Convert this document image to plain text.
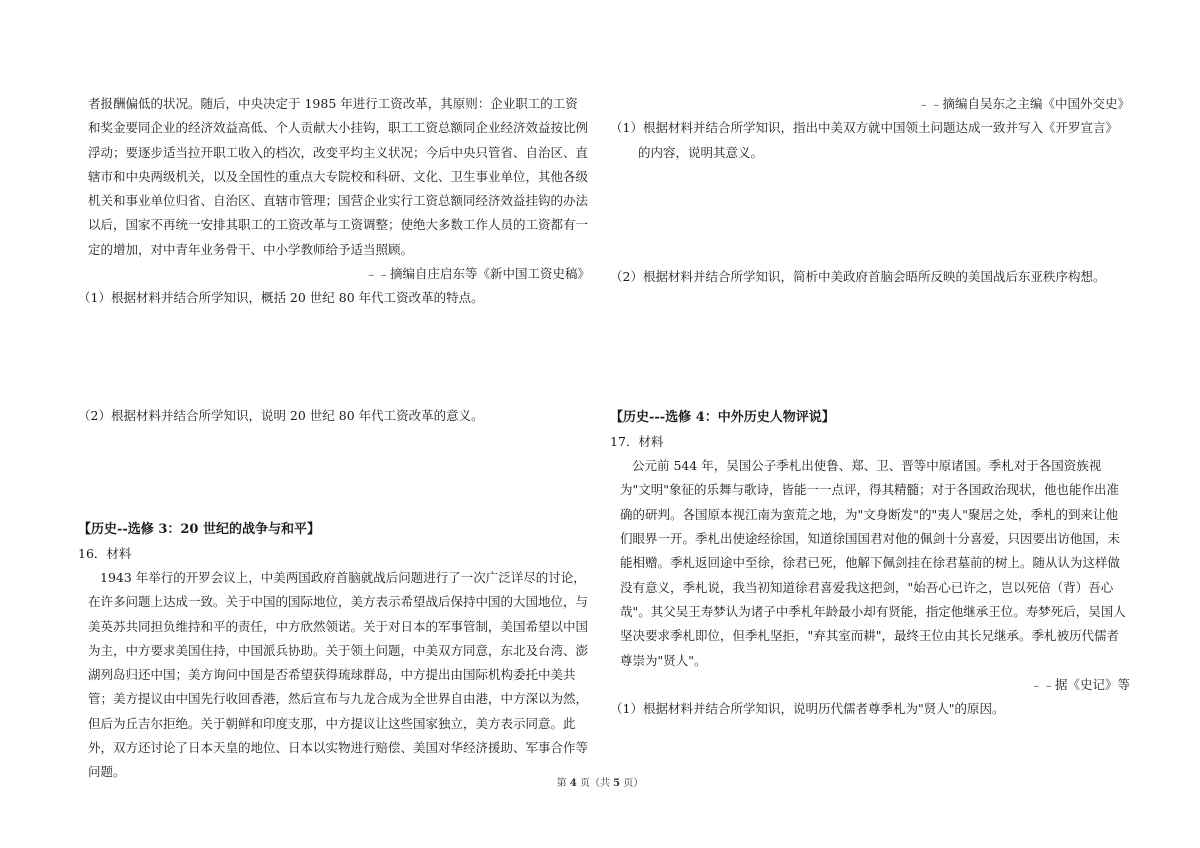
者报酬偏低的状况。随后，中央决定于 1985 年进行工资改革，其原则：企业职工的工资和奖金要同企业的经济效益高低、个人贡献大小挂钩，职工工资总额同企业经济效益按比例浮动；要逐步适当拉开职工收入的档次，改变平均主义状况；今后中央只管省、自治区、直辖市和中央两级机关，以及全国性的重点大专院校和科研、文化、卫生事业单位，其他各级机关和事业单位归省、自治区、直辖市管理；国营企业实行工资总额同经济效益挂钩的办法以后，国家不再统一安排其职工的工资改革与工资调整；使绝大多数工作人员的工资都有一定的增加，对中青年业务骨干、中小学教师给予适当照顾。

﹣﹣摘编自庄启东等《新中国工资史稿》

（1）根据材料并结合所学知识，概括 20 世纪 80 年代工资改革的特点。

（2）根据材料并结合所学知识，说明 20 世纪 80 年代工资改革的意义。

【历史--选修 3：20 世纪的战争与和平】

16．材料

1943 年举行的开罗会议上，中美两国政府首脑就战后问题进行了一次广泛详尽的讨论，在许多问题上达成一致。关于中国的国际地位，美方表示希望战后保持中国的大国地位，与美英苏共同担负维持和平的责任，中方欣然领诺。关于对日本的军事管制，美国希望以中国为主，中方要求美国住持，中国派兵协助。关于领土问题，中美双方同意，东北及台湾、澎湖列岛归还中国；美方询问中国是否希望获得琉球群岛，中方提出由国际机构委托中美共管；美方提议由中国先行收回香港，然后宣布与九龙合成为全世界自由港，中方深以为然，但后为丘吉尔拒绝。关于朝鲜和印度支那，中方提议让这些国家独立，美方表示同意。此外，双方还讨论了日本天皇的地位、日本以实物进行赔偿、美国对华经济援助、军事合作等问题。

﹣﹣摘编自吴东之主编《中国外交史》

（1）根据材料并结合所学知识，指出中美双方就中国领土问题达成一致并写入《开罗宣言》的内容，说明其意义。

（2）根据材料并结合所学知识，简析中美政府首脑会晤所反映的美国战后东亚秩序构想。

【历史---选修 4：中外历史人物评说】

17．材料

公元前 544 年，吴国公子季札出使鲁、郑、卫、晋等中原诸国。季札对于各国资族视为"文明"象征的乐舞与歌诗，皆能一一点评，得其精髓；对于各国政治现状，他也能作出准确的研判。各国原本视江南为蛮荒之地，为"文身断发"的"夷人"聚居之处，季札的到来让他们眼界一开。季札出使途经徐国，知道徐国国君对他的佩剑十分喜爱，只因要出访他国，未能相赠。季札返回途中至徐，徐君已死，他解下佩剑挂在徐君墓前的树上。随从认为这样做没有意义，季札说，我当初知道徐君喜爱我这把剑，"始吾心已许之，岂以死倍（背）吾心哉"。其父吴王寿梦认为诸子中季札年龄最小却有贤能，指定他继承王位。寿梦死后，吴国人坚决要求季札即位，但季札坚拒，"弃其室而耕"，最终王位由其长兄继承。季札被历代儒者尊崇为"贤人"。

﹣﹣据《史记》等

（1）根据材料并结合所学知识，说明历代儒者尊季札为"贤人"的原因。

第 4 页（共 5 页）
